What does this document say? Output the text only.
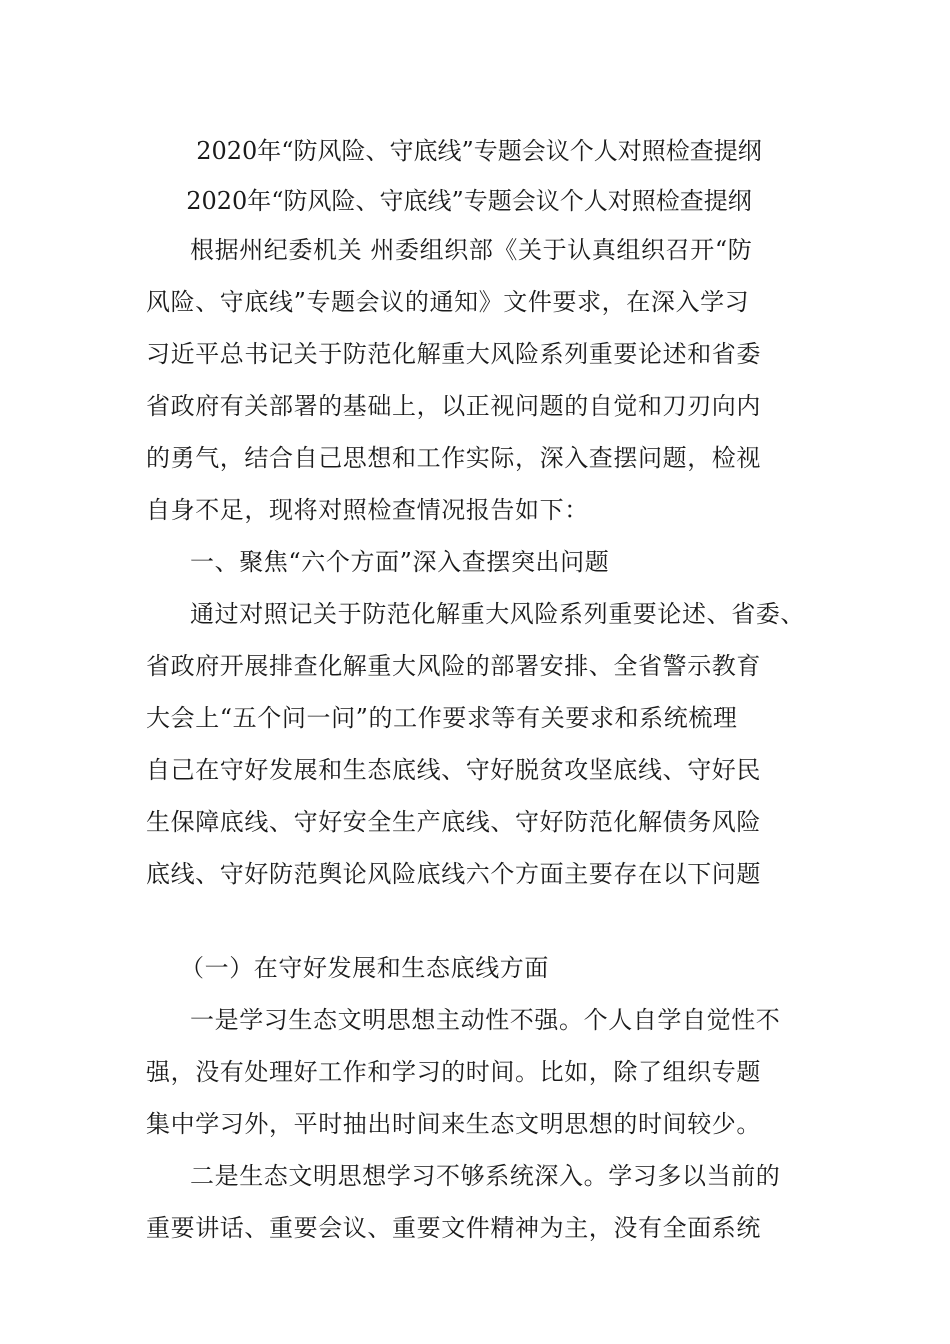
2020年“防风险、守底线”专题会议个人对照检查提纲
2020年“防风险、守底线”专题会议个人对照检查提纲
根据州纪委机关 州委组织部《关于认真组织召开“防
风险、守底线”专题会议的通知》文件要求，在深入学习
习近平总书记关于防范化解重大风险系列重要论述和省委
省政府有关部署的基础上，以正视问题的自觉和刀刃向内
的勇气，结合自己思想和工作实际，深入查摆问题，检视
自身不足，现将对照检查情况报告如下：
一、聚焦“六个方面”深入查摆突出问题
通过对照记关于防范化解重大风险系列重要论述、省委、
省政府开展排查化解重大风险的部署安排、全省警示教育
大会上“五个问一问”的工作要求等有关要求和系统梳理
自己在守好发展和生态底线、守好脱贫攻坚底线、守好民
生保障底线、守好安全生产底线、守好防范化解债务风险
底线、守好防范舆论风险底线六个方面主要存在以下问题
（一）在守好发展和生态底线方面
一是学习生态文明思想主动性不强。个人自学自觉性不
强，没有处理好工作和学习的时间。比如，除了组织专题
集中学习外，平时抽出时间来生态文明思想的时间较少。
二是生态文明思想学习不够系统深入。学习多以当前的
重要讲话、重要会议、重要文件精神为主，没有全面系统
